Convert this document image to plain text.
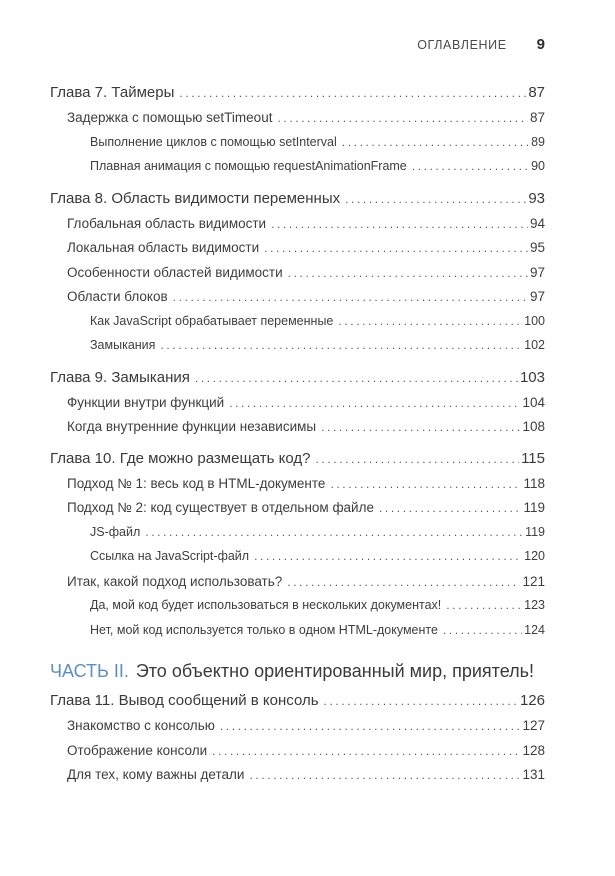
ОГЛАВЛЕНИЕ 9
Глава 7. Таймеры .....	87
Задержка с помощью setTimeout .....	87
Выполнение циклов с помощью setInterval .....	89
Плавная анимация с помощью requestAnimationFrame .....	90
Глава 8. Область видимости переменных .....	93
Глобальная область видимости .....	94
Локальная область видимости .....	95
Особенности областей видимости .....	97
Области блоков .....	97
Как JavaScript обрабатывает переменные .....	100
Замыкания .....	102
Глава 9. Замыкания .....	103
Функции внутри функций .....	104
Когда внутренние функции независимы .....	108
Глава 10. Где можно размещать код? .....	115
Подход № 1: весь код в HTML-документе .....	118
Подход № 2: код существует в отдельном файле .....	119
JS-файл .....	119
Ссылка на JavaScript-файл .....	120
Итак, какой подход использовать? .....	121
Да, мой код будет использоваться в нескольких документах! .....	123
Нет, мой код используется только в одном HTML-документе .....	124
ЧАСТЬ II. Это объектно ориентированный мир, приятель!
Глава 11. Вывод сообщений в консоль .....	126
Знакомство с консолью .....	127
Отображение консоли .....	128
Для тех, кому важны детали .....	131
